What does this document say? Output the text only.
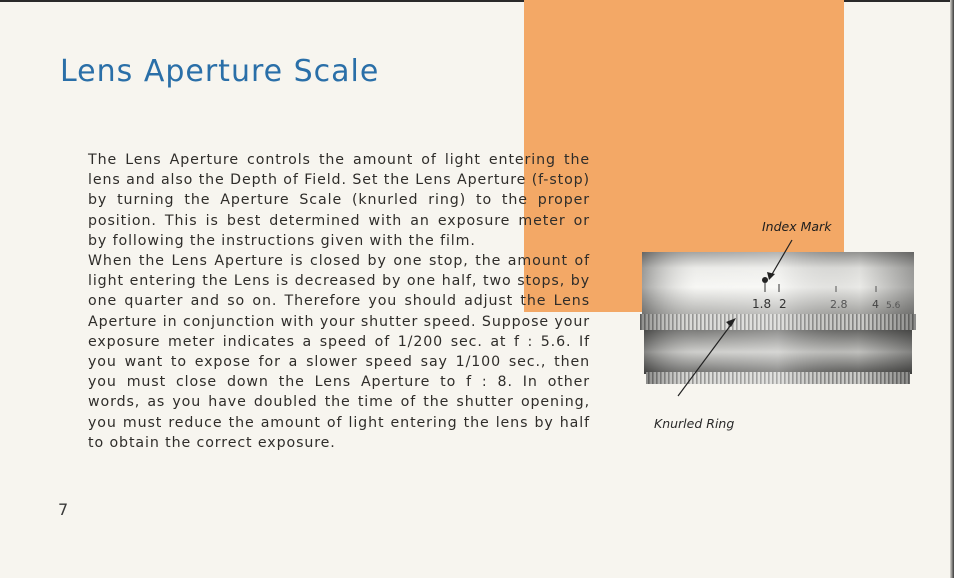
Lens Aperture Scale

The Lens Aperture controls the amount of light entering the lens and also the Depth of Field. Set the Lens Aperture (f-stop) by turning the Aperture Scale (knurled ring) to the proper position. This is best determined with an exposure meter or by following the instructions given with the film.

When the Lens Aperture is closed by one stop, the amount of light entering the Lens is decreased by one half, two stops, by one quarter and so on. Therefore you should adjust the Lens Aperture in conjunction with your shutter speed. Suppose your exposure meter indicates a speed of 1/200 sec. at f : 5.6. If you want to expose for a slower speed say 1/100 sec., then you must close down the Lens Aperture to f : 8. In other words, as you have doubled the time of the shutter opening, you must reduce the amount of light entering the lens by half to obtain the correct exposure.

1.8 2	2.8 4 5.6
Index Mark
Knurled Ring
7
